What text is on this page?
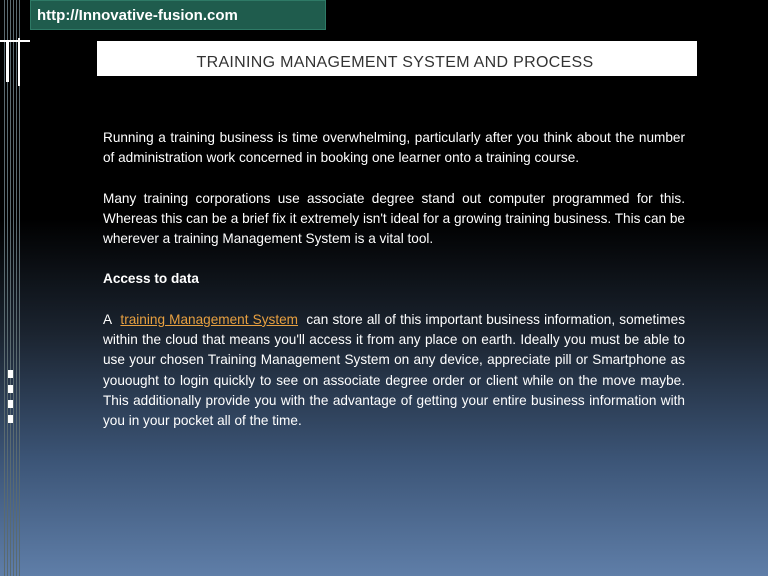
http://Innovative-fusion.com
TRAINING MANAGEMENT SYSTEM AND PROCESS

Running a training business is time overwhelming, particularly after you think about the number of administration work concerned in booking one learner onto a training course.

Many training corporations use associate degree stand out computer programmed for this. Whereas this can be a brief fix it extremely isn't ideal for a growing training business. This can be wherever a training Management System is a vital tool.

Access to data

A training Management System can store all of this important business information, sometimes within the cloud that means you'll access it from any place on earth. Ideally you must be able to use your chosen Training Management System on any device, appreciate pill or Smartphone as youought to login quickly to see on associate degree order or client while on the move maybe. This additionally provide you with the advantage of getting your entire business information with you in your pocket all of the time.
